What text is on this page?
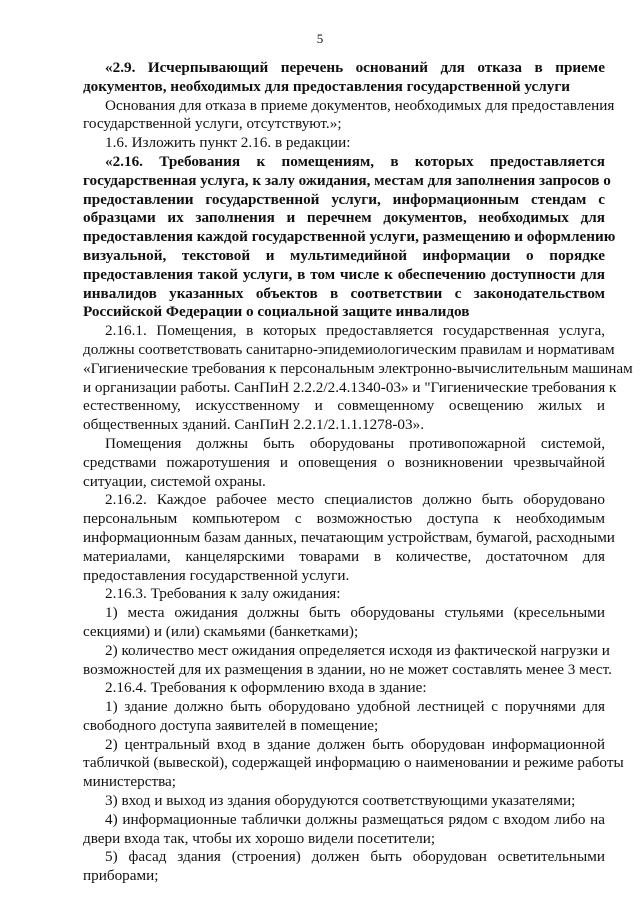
5
«2.9. Исчерпывающий перечень оснований для отказа в приеме
документов, необходимых для предоставления государственной услуги
Основания для отказа в приеме документов, необходимых для предоставления
государственной услуги, отсутствуют.»;
1.6. Изложить пункт 2.16. в редакции:
«2.16. Требования к помещениям, в которых предоставляется
государственная услуга, к залу ожидания, местам для заполнения запросов о
предоставлении государственной услуги, информационным стендам с
образцами их заполнения и перечнем документов, необходимых для
предоставления каждой государственной услуги, размещению и оформлению
визуальной, текстовой и мультимедийной информации о порядке
предоставления такой услуги, в том числе к обеспечению доступности для
инвалидов указанных объектов в соответствии с законодательством
Российской Федерации о социальной защите инвалидов
2.16.1. Помещения, в которых предоставляется государственная услуга,
должны соответствовать санитарно-эпидемиологическим правилам и нормативам
«Гигиенические требования к персональным электронно-вычислительным машинам
и организации работы. СанПиН 2.2.2/2.4.1340-03» и "Гигиенические требования к
естественному, искусственному и совмещенному освещению жилых и
общественных зданий. СанПиН 2.2.1/2.1.1.1278-03».
Помещения должны быть оборудованы противопожарной системой,
средствами пожаротушения и оповещения о возникновении чрезвычайной
ситуации, системой охраны.
2.16.2. Каждое рабочее место специалистов должно быть оборудовано
персональным компьютером с возможностью доступа к необходимым
информационным базам данных, печатающим устройствам, бумагой, расходными
материалами, канцелярскими товарами в количестве, достаточном для
предоставления государственной услуги.
2.16.3. Требования к залу ожидания:
1) места ожидания должны быть оборудованы стульями (кресельными
секциями) и (или) скамьями (банкетками);
2) количество мест ожидания определяется исходя из фактической нагрузки и
возможностей для их размещения в здании, но не может составлять менее 3 мест.
2.16.4. Требования к оформлению входа в здание:
1) здание должно быть оборудовано удобной лестницей с поручнями для
свободного доступа заявителей в помещение;
2) центральный вход в здание должен быть оборудован информационной
табличкой (вывеской), содержащей информацию о наименовании и режиме работы
министерства;
3) вход и выход из здания оборудуются соответствующими указателями;
4) информационные таблички должны размещаться рядом с входом либо на
двери входа так, чтобы их хорошо видели посетители;
5) фасад здания (строения) должен быть оборудован осветительными
приборами;
